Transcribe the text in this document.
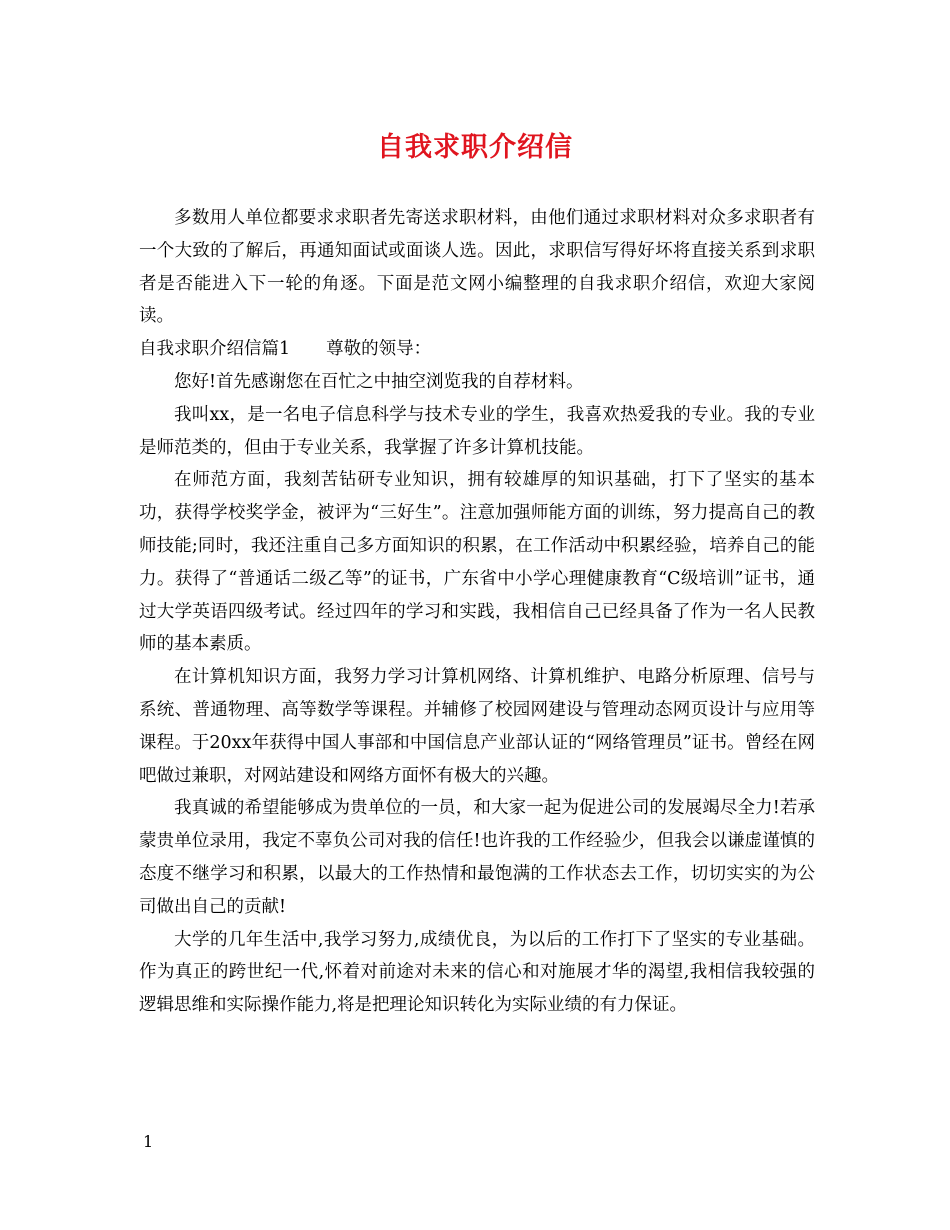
自我求职介绍信

多数用人单位都要求求职者先寄送求职材料，由他们通过求职材料对众多求职者有一个大致的了解后，再通知面试或面谈人选。因此，求职信写得好坏将直接关系到求职者是否能进入下一轮的角逐。下面是范文网小编整理的自我求职介绍信，欢迎大家阅读。

自我求职介绍信篇1 尊敬的领导：

您好!首先感谢您在百忙之中抽空浏览我的自荐材料。

我叫xx，是一名电子信息科学与技术专业的学生，我喜欢热爱我的专业。我的专业是师范类的，但由于专业关系，我掌握了许多计算机技能。

在师范方面，我刻苦钻研专业知识，拥有较雄厚的知识基础，打下了坚实的基本功，获得学校奖学金，被评为“三好生”。注意加强师能方面的训练，努力提高自己的教师技能;同时，我还注重自己多方面知识的积累，在工作活动中积累经验，培养自己的能力。获得了“普通话二级乙等”的证书，广东省中小学心理健康教育“C级培训”证书，通过大学英语四级考试。经过四年的学习和实践，我相信自己已经具备了作为一名人民教师的基本素质。

在计算机知识方面，我努力学习计算机网络、计算机维护、电路分析原理、信号与系统、普通物理、高等数学等课程。并辅修了校园网建设与管理动态网页设计与应用等课程。于20xx年获得中国人事部和中国信息产业部认证的“网络管理员”证书。曾经在网吧做过兼职，对网站建设和网络方面怀有极大的兴趣。

我真诚的希望能够成为贵单位的一员，和大家一起为促进公司的发展竭尽全力!若承蒙贵单位录用，我定不辜负公司对我的信任!也许我的工作经验少，但我会以谦虚谨慎的态度不继学习和积累，以最大的工作热情和最饱满的工作状态去工作，切切实实的为公司做出自己的贡献!

大学的几年生活中,我学习努力,成绩优良，为以后的工作打下了坚实的专业基础。作为真正的跨世纪一代,怀着对前途对未来的信心和对施展才华的渴望,我相信我较强的逻辑思维和实际操作能力,将是把理论知识转化为实际业绩的有力保证。

1
